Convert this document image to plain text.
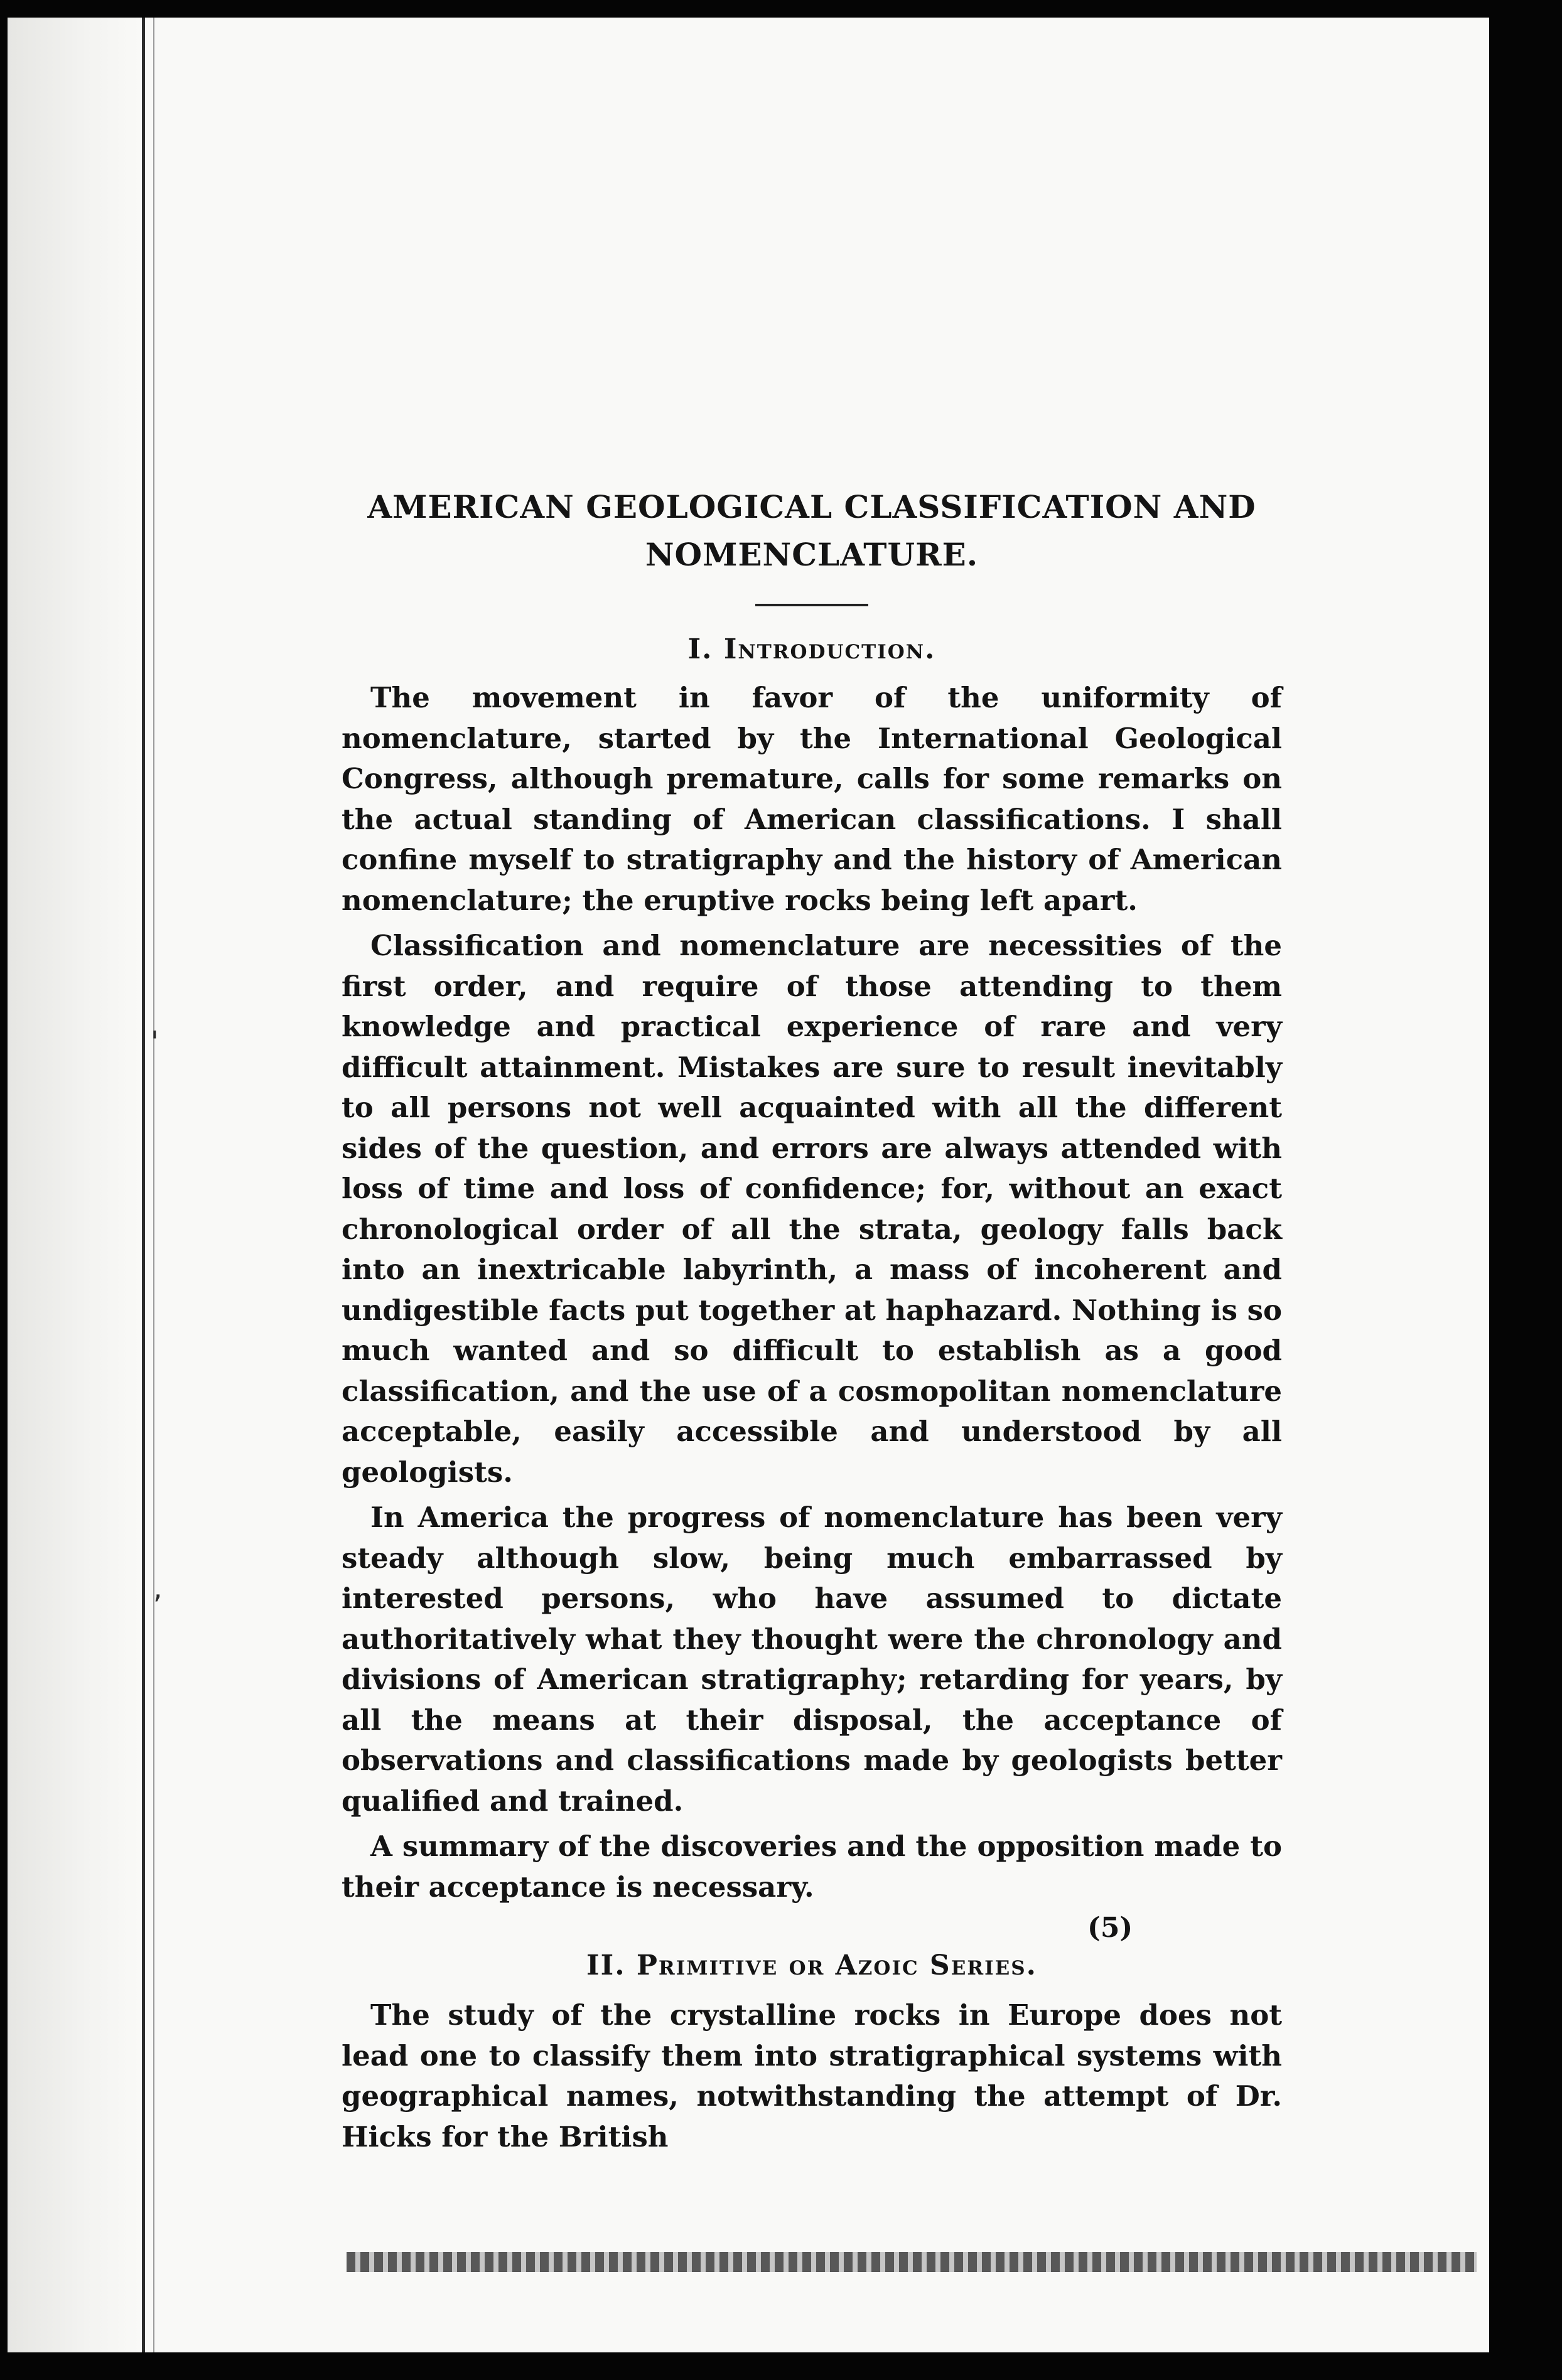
'
,
AMERICAN GEOLOGICAL CLASSIFICATION AND NOMENCLATURE.
I. Introduction.

The movement in favor of the uniformity of nomenclature, started by the International Geological Congress, although premature, calls for some remarks on the actual standing of American classifications. I shall confine myself to stratigraphy and the history of American nomenclature; the eruptive rocks being left apart.

Classification and nomenclature are necessities of the first order, and require of those attending to them knowledge and practical experience of rare and very difficult attainment. Mistakes are sure to result inevitably to all persons not well acquainted with all the different sides of the question, and errors are always attended with loss of time and loss of confidence; for, without an exact chronological order of all the strata, geology falls back into an inextricable labyrinth, a mass of incoherent and undigestible facts put together at haphazard. Nothing is so much wanted and so difficult to establish as a good classification, and the use of a cosmopolitan nomenclature acceptable, easily accessible and understood by all geologists.

In America the progress of nomenclature has been very steady although slow, being much embarrassed by interested persons, who have assumed to dictate authoritatively what they thought were the chronology and divisions of American stratigraphy; retarding for years, by all the means at their disposal, the acceptance of observations and classifications made by geologists better qualified and trained.

A summary of the discoveries and the opposition made to their acceptance is necessary.

II. Primitive or Azoic Series.

The study of the crystalline rocks in Europe does not lead one to classify them into stratigraphical systems with geographical names, notwithstanding the attempt of Dr. Hicks for the British

(5)
